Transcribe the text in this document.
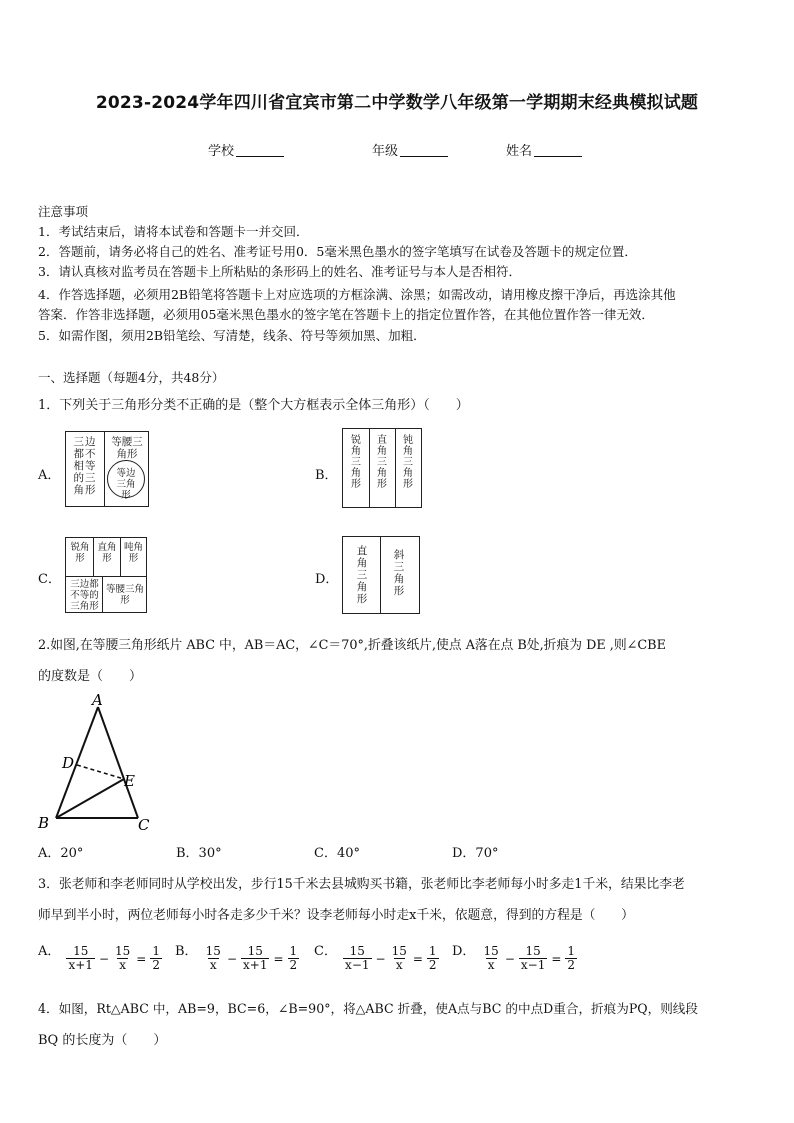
2023-2024学年四川省宜宾市第二中学数学八年级第一学期期末经典模拟试题
学校	年级	姓名
注意事项
1．考试结束后，请将本试卷和答题卡一并交回．
2．答题前，请务必将自己的姓名、准考证号用0．5毫米黑色墨水的签字笔填写在试卷及答题卡的规定位置．
3．请认真核对监考员在答题卡上所粘贴的条形码上的姓名、准考证号与本人是否相符．
4．作答选择题，必须用2B铅笔将答题卡上对应选项的方框涂满、涂黑；如需改动，请用橡皮擦干净后，再选涂其他
答案．作答非选择题，必须用05毫米黑色墨水的签字笔在答题卡上的指定位置作答，在其他位置作答一律无效．
5．如需作图，须用2B铅笔绘、写清楚，线条、符号等须加黑、加粗．
一、选择题（每题4分，共48分）
1．下列关于三角形分类不正确的是（整个大方框表示全体三角形）（　　）
A．
三边都不相等的三角形
等腰三角形
等边三角形
B．
锐角三角形
直角三角形
钝角三角形
C．
锐角形
直角形
吨角形
三边都不等的三角形
等腰三角形
D．
直角三角形
斜三角形
2.如图,在等腰三角形纸片 ABC 中，AB＝AC，∠C＝70°,折叠该纸片,使点 A落在点 B处,折痕为 DE ,则∠CBE
的度数是（　　）
A
D
E
B	C
A．20°	B．30°	C．40°	D．70°
3．张老师和李老师同时从学校出发，步行15千米去县城购买书籍，张老师比李老师每小时多走1千米，结果比李老
师早到半小时，两位老师每小时各走多少千米？设李老师每小时走x千米，依题意，得到的方程是（　　）
A． $\frac{15}{x+1} - \frac{15}{x} = \frac{1}{2}$ B． $\frac{15}{x} - \frac{15}{x+1} = \frac{1}{2}$ C． $\frac{15}{x-1} - \frac{15}{x} = \frac{1}{2}$ D． $\frac{15}{x} - \frac{15}{x-1} = \frac{1}{2}$
4．如图，Rt△ABC 中，AB=9，BC=6，∠B=90°，将△ABC 折叠，使A点与BC 的中点D重合，折痕为PQ，则线段
BQ 的长度为（　　）
